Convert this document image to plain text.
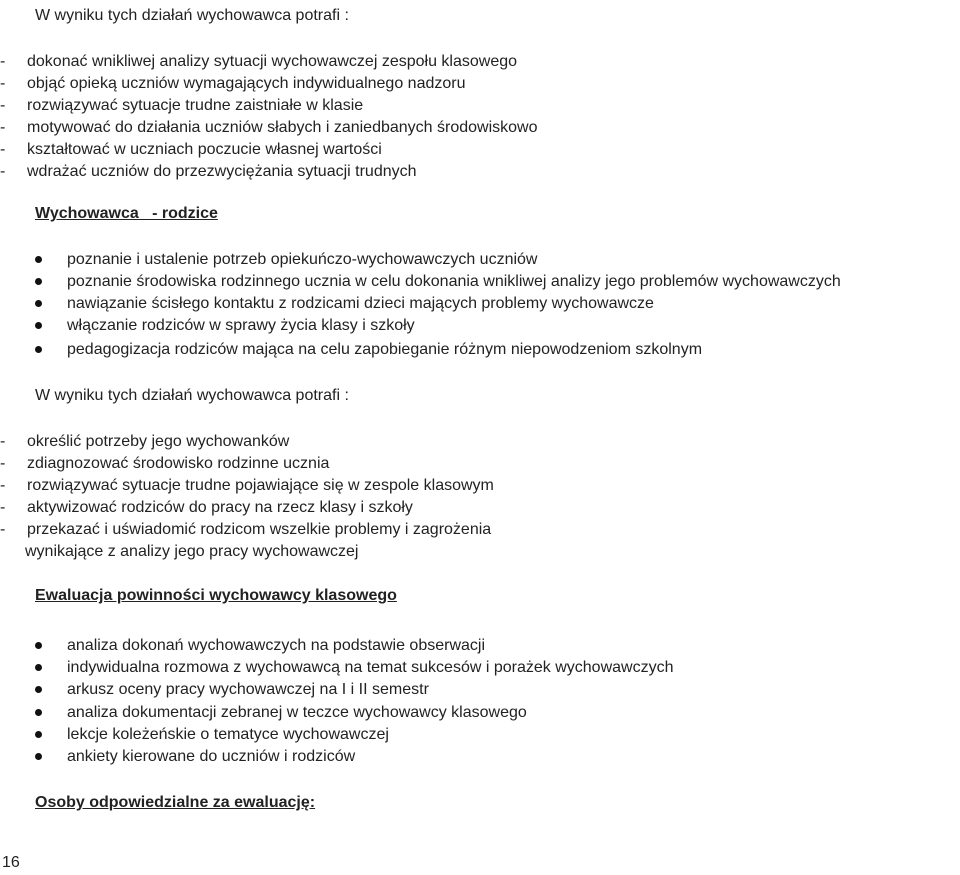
W wyniku tych działań wychowawca potrafi :
- dokonać wnikliwej analizy sytuacji wychowawczej zespołu klasowego
- objąć opieką uczniów wymagających indywidualnego nadzoru
- rozwiązywać sytuacje trudne zaistniałe w klasie
- motywować do działania uczniów słabych i zaniedbanych środowiskowo
- kształtować w uczniach poczucie własnej wartości
- wdrażać uczniów do przezwyciężania sytuacji trudnych
Wychowawca   - rodzice
poznanie i ustalenie potrzeb opiekuńczo-wychowawczych uczniów
poznanie środowiska rodzinnego ucznia w celu dokonania wnikliwej analizy jego problemów wychowawczych
nawiązanie ścisłego kontaktu z rodzicami dzieci mających problemy wychowawcze
włączanie rodziców w sprawy życia klasy i szkoły
pedagogizacja rodziców mająca na celu zapobieganie różnym niepowodzeniom szkolnym
W wyniku tych działań wychowawca potrafi :
- określić potrzeby jego wychowanków
- zdiagnozować środowisko rodzinne ucznia
- rozwiązywać sytuacje trudne pojawiające się w zespole klasowym
- aktywizować rodziców do pracy na rzecz klasy i szkoły
- przekazać i uświadomić rodzicom wszelkie problemy i zagrożenia
wynikające z analizy jego pracy wychowawczej
Ewaluacja powinności wychowawcy klasowego
analiza dokonań wychowawczych na podstawie obserwacji
indywidualna rozmowa z wychowawcą na temat sukcesów i porażek wychowawczych
arkusz oceny pracy wychowawczej na I i II semestr
analiza dokumentacji zebranej w teczce wychowawcy klasowego
lekcje koleżeńskie o tematyce wychowawczej
ankiety kierowane do uczniów i rodziców
Osoby odpowiedzialne za ewaluację:
16
